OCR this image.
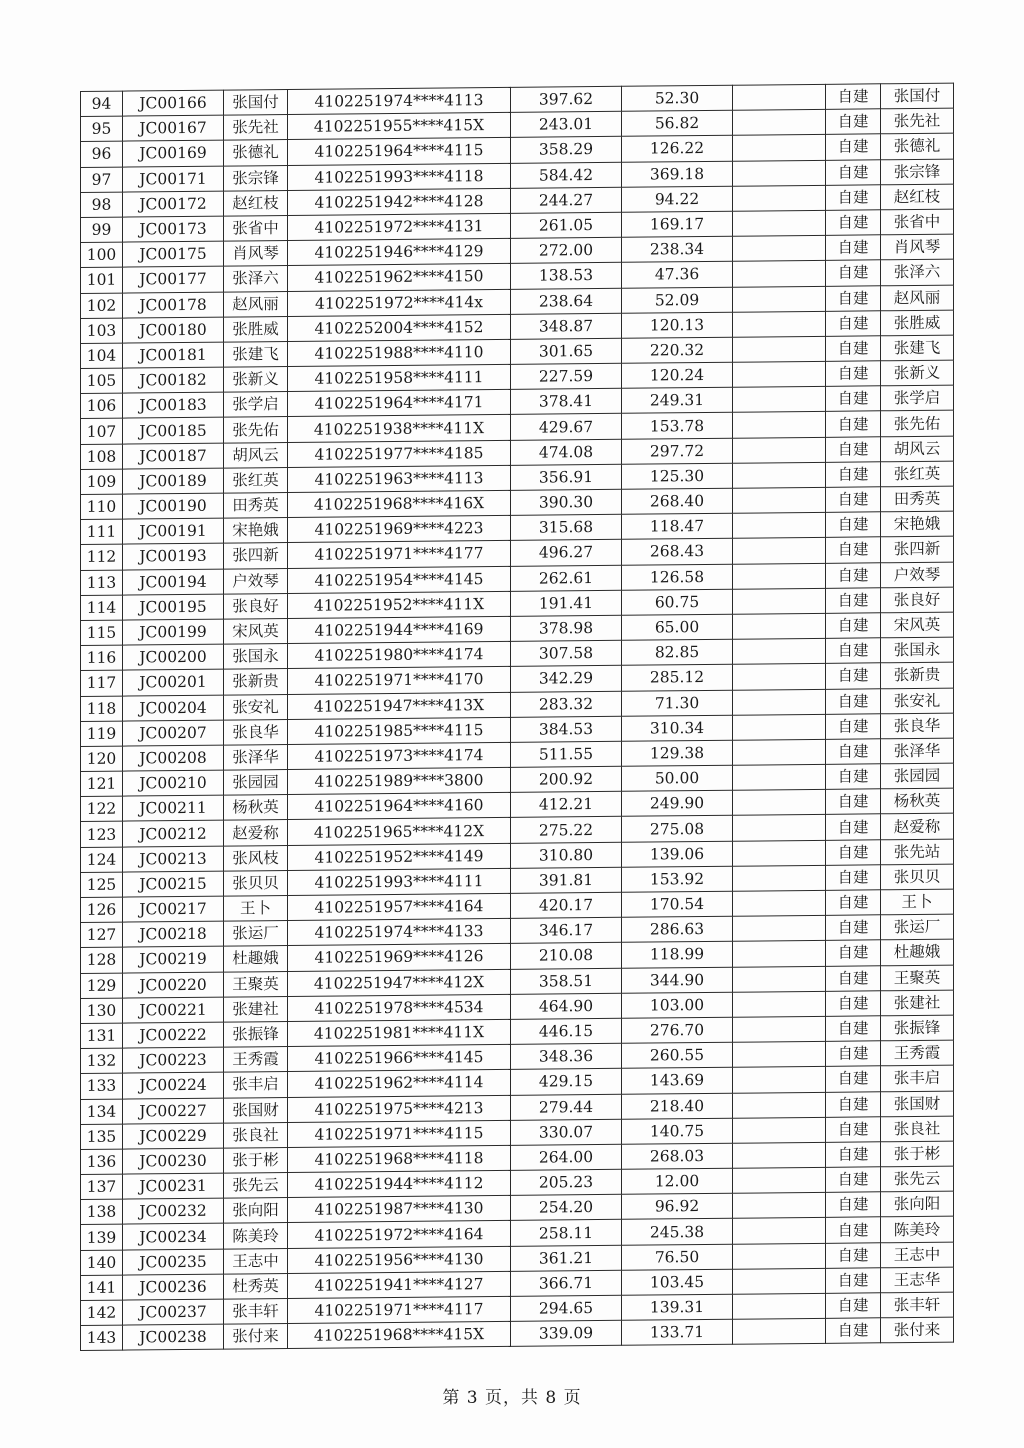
94	JC00166	张国付	4102251974****4113	397.62	52.30		自建	张国付
95	JC00167	张先社	4102251955****415X	243.01	56.82		自建	张先社
96	JC00169	张德礼	4102251964****4115	358.29	126.22		自建	张德礼
97	JC00171	张宗锋	4102251993****4118	584.42	369.18		自建	张宗锋
98	JC00172	赵红枝	4102251942****4128	244.27	94.22		自建	赵红枝
99	JC00173	张省中	4102251972****4131	261.05	169.17		自建	张省中
100	JC00175	肖风琴	4102251946****4129	272.00	238.34		自建	肖风琴
101	JC00177	张泽六	4102251962****4150	138.53	47.36		自建	张泽六
102	JC00178	赵风丽	4102251972****414x	238.64	52.09		自建	赵风丽
103	JC00180	张胜威	4102252004****4152	348.87	120.13		自建	张胜威
104	JC00181	张建飞	4102251988****4110	301.65	220.32		自建	张建飞
105	JC00182	张新义	4102251958****4111	227.59	120.24		自建	张新义
106	JC00183	张学启	4102251964****4171	378.41	249.31		自建	张学启
107	JC00185	张先佑	4102251938****411X	429.67	153.78		自建	张先佑
108	JC00187	胡风云	4102251977****4185	474.08	297.72		自建	胡风云
109	JC00189	张红英	4102251963****4113	356.91	125.30		自建	张红英
110	JC00190	田秀英	4102251968****416X	390.30	268.40		自建	田秀英
111	JC00191	宋艳娥	4102251969****4223	315.68	118.47		自建	宋艳娥
112	JC00193	张四新	4102251971****4177	496.27	268.43		自建	张四新
113	JC00194	户效琴	4102251954****4145	262.61	126.58		自建	户效琴
114	JC00195	张良好	4102251952****411X	191.41	60.75		自建	张良好
115	JC00199	宋风英	4102251944****4169	378.98	65.00		自建	宋风英
116	JC00200	张国永	4102251980****4174	307.58	82.85		自建	张国永
117	JC00201	张新贵	4102251971****4170	342.29	285.12		自建	张新贵
118	JC00204	张安礼	4102251947****413X	283.32	71.30		自建	张安礼
119	JC00207	张良华	4102251985****4115	384.53	310.34		自建	张良华
120	JC00208	张泽华	4102251973****4174	511.55	129.38		自建	张泽华
121	JC00210	张园园	4102251989****3800	200.92	50.00		自建	张园园
122	JC00211	杨秋英	4102251964****4160	412.21	249.90		自建	杨秋英
123	JC00212	赵爱称	4102251965****412X	275.22	275.08		自建	赵爱称
124	JC00213	张风枝	4102251952****4149	310.80	139.06		自建	张先站
125	JC00215	张贝贝	4102251993****4111	391.81	153.92		自建	张贝贝
126	JC00217	王卜	4102251957****4164	420.17	170.54		自建	王卜
127	JC00218	张运厂	4102251974****4133	346.17	286.63		自建	张运厂
128	JC00219	杜趣娥	4102251969****4126	210.08	118.99		自建	杜趣娥
129	JC00220	王聚英	4102251947****412X	358.51	344.90		自建	王聚英
130	JC00221	张建社	4102251978****4534	464.90	103.00		自建	张建社
131	JC00222	张振锋	4102251981****411X	446.15	276.70		自建	张振锋
132	JC00223	王秀霞	4102251966****4145	348.36	260.55		自建	王秀霞
133	JC00224	张丰启	4102251962****4114	429.15	143.69		自建	张丰启
134	JC00227	张国财	4102251975****4213	279.44	218.40		自建	张国财
135	JC00229	张良社	4102251971****4115	330.07	140.75		自建	张良社
136	JC00230	张于彬	4102251968****4118	264.00	268.03		自建	张于彬
137	JC00231	张先云	4102251944****4112	205.23	12.00		自建	张先云
138	JC00232	张向阳	4102251987****4130	254.20	96.92		自建	张向阳
139	JC00234	陈美玲	4102251972****4164	258.11	245.38		自建	陈美玲
140	JC00235	王志中	4102251956****4130	361.21	76.50		自建	王志中
141	JC00236	杜秀英	4102251941****4127	366.71	103.45		自建	王志华
142	JC00237	张丰轩	4102251971****4117	294.65	139.31		自建	张丰轩
143	JC00238	张付来	4102251968****415X	339.09	133.71		自建	张付来
第 3 页，共 8 页
